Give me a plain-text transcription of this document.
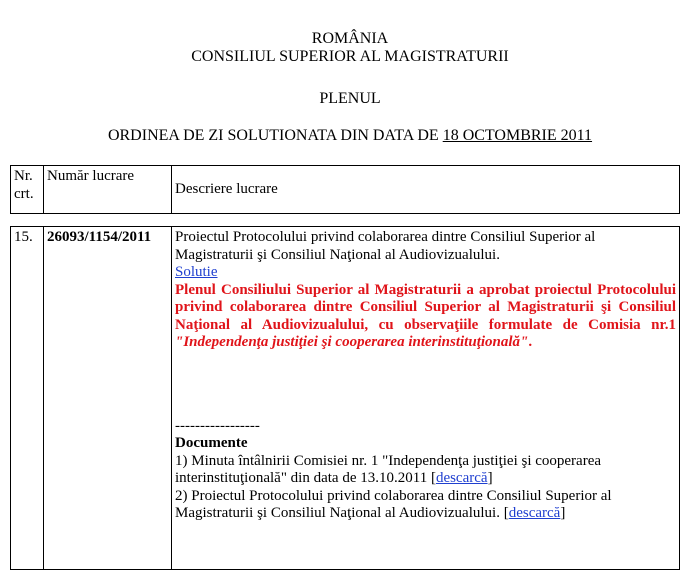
ROMÂNIA
CONSILIUL SUPERIOR AL MAGISTRATURII
PLENUL
ORDINEA DE ZI SOLUTIONATA DIN DATA DE 18 OCTOMBRIE 2011
Nr. crt.	Număr lucrare	Descriere lucrare
15.	26093/1154/2011	Proiectul Protocolului privind colaborarea dintre Consiliul Superior al Magistraturii şi Consiliul Naţional al Audiovizualului.
Solutie
Plenul Consiliului Superior al Magistraturii a aprobat proiectul Protocolului privind colaborarea dintre Consiliul Superior al Magistraturii şi Consiliul Naţional al Audiovizualului, cu observaţiile formulate de Comisia nr.1 "Independenţa justiţiei şi cooperarea interinstituţională".
-----------------
Documente
1) Minuta întâlnirii Comisiei nr. 1 "Independenţa justiţiei şi cooperarea interinstituţională" din data de 13.10.2011 [descarcă]
2) Proiectul Protocolului privind colaborarea dintre Consiliul Superior al Magistraturii şi Consiliul Naţional al Audiovizualului. [descarcă]
